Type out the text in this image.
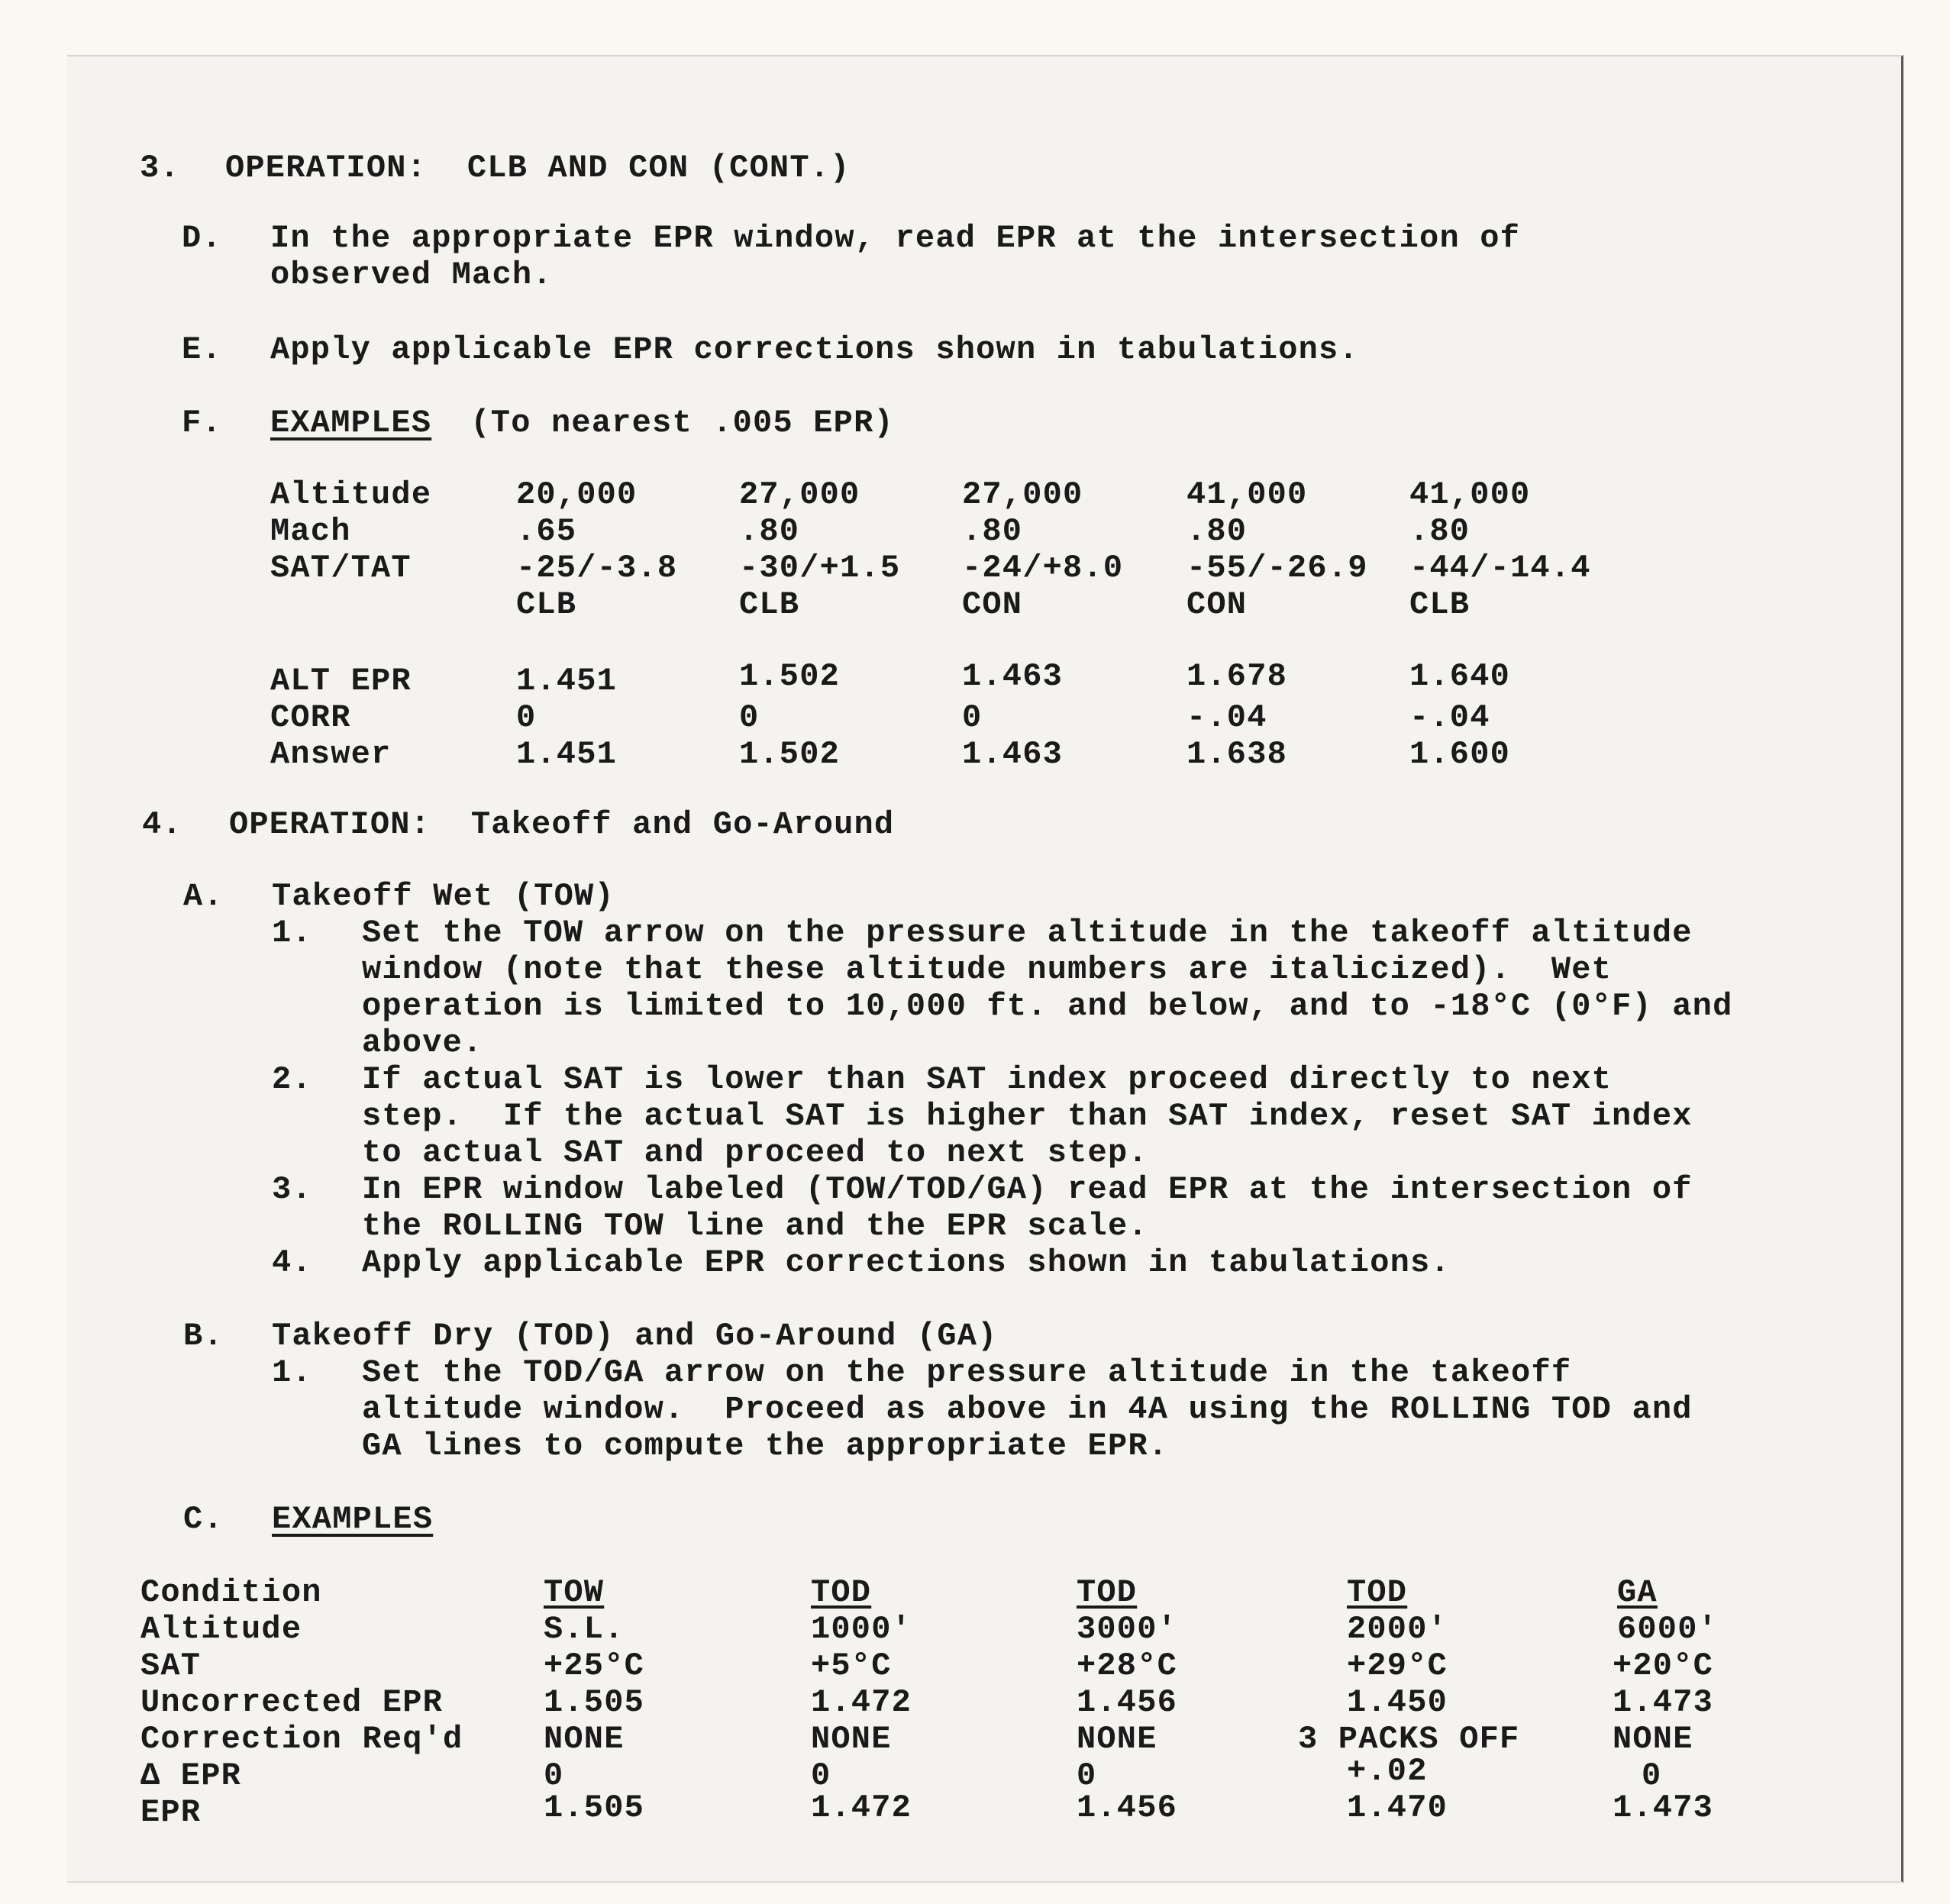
3. OPERATION:  CLB AND CON (CONT.)
D. In the appropriate EPR window, read EPR at the intersection of
observed Mach.
E. Apply applicable EPR corrections shown in tabulations.
F. EXAMPLES (To nearest .005 EPR)
Altitude
Mach
SAT/TAT
ALT EPR
CORR
Answer
20,000
.65
-25/-3.8
CLB
1.451
0
1.451
27,000
.80
-30/+1.5
CLB
1.502
0
1.502
27,000
.80
-24/+8.0
CON
1.463
0
1.463
41,000
.80
-55/-26.9
CON
1.678
-.04
1.638
41,000
.80
-44/-14.4
CLB
1.640
-.04
1.600
4. OPERATION:  Takeoff and Go-Around
A. Takeoff Wet (TOW)
1. Set the TOW arrow on the pressure altitude in the takeoff altitude
window (note that these altitude numbers are italicized).  Wet
operation is limited to 10,000 ft. and below, and to -18°C (0°F) and
above.
2. If actual SAT is lower than SAT index proceed directly to next
step.  If the actual SAT is higher than SAT index, reset SAT index
to actual SAT and proceed to next step.
3. In EPR window labeled (TOW/TOD/GA) read EPR at the intersection of
the ROLLING TOW line and the EPR scale.
4. Apply applicable EPR corrections shown in tabulations.
B. Takeoff Dry (TOD) and Go-Around (GA)
1. Set the TOD/GA arrow on the pressure altitude in the takeoff
altitude window.  Proceed as above in 4A using the ROLLING TOD and
GA lines to compute the appropriate EPR.
C. EXAMPLES
Condition
Altitude
SAT
Uncorrected EPR
Correction Req'd
Δ EPR
EPR
TOW
S.L.
+25°C
1.505
NONE
0
1.505
TOD
1000'
+5°C
1.472
NONE
0
1.472
TOD
3000'
+28°C
1.456
NONE
0
1.456
TOD
2000'
+29°C
1.450
3 PACKS OFF
+.02
1.470
GA
6000'
+20°C
1.473
NONE
0
1.473
